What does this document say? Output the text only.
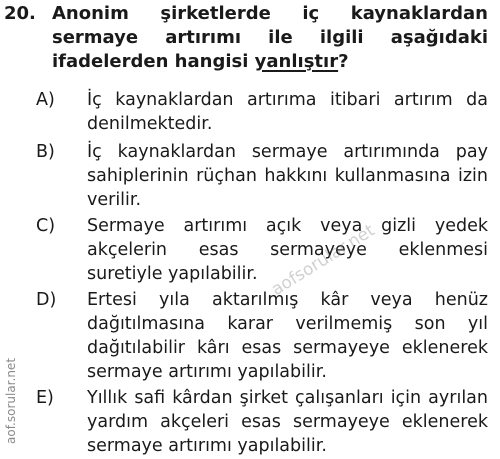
20. Anonim şirketlerde iç kaynaklardan sermaye artırımı ile ilgili aşağıdaki ifadelerden hangisi yanlıştır?
A)	İç kaynaklardan artırıma itibari artırım da denilmektedir.
B)	İç kaynaklardan sermaye artırımında pay sahiplerinin rüçhan hakkını kullanmasına izin verilir.
C)	Sermaye artırımı açık veya gizli yedek akçelerin esas sermayeye eklenmesi suretiyle yapılabilir.
D)	Ertesi yıla aktarılmış kâr veya henüz dağıtılmasına karar verilmemiş son yıl dağıtılabilir kârı esas sermayeye eklenerek sermaye artırımı yapılabilir.
E)	Yıllık safi kârdan şirket çalışanları için ayrılan yardım akçeleri esas sermayeye eklenerek sermaye artırımı yapılabilir.
aofsorular.net
aof.sorular.net
